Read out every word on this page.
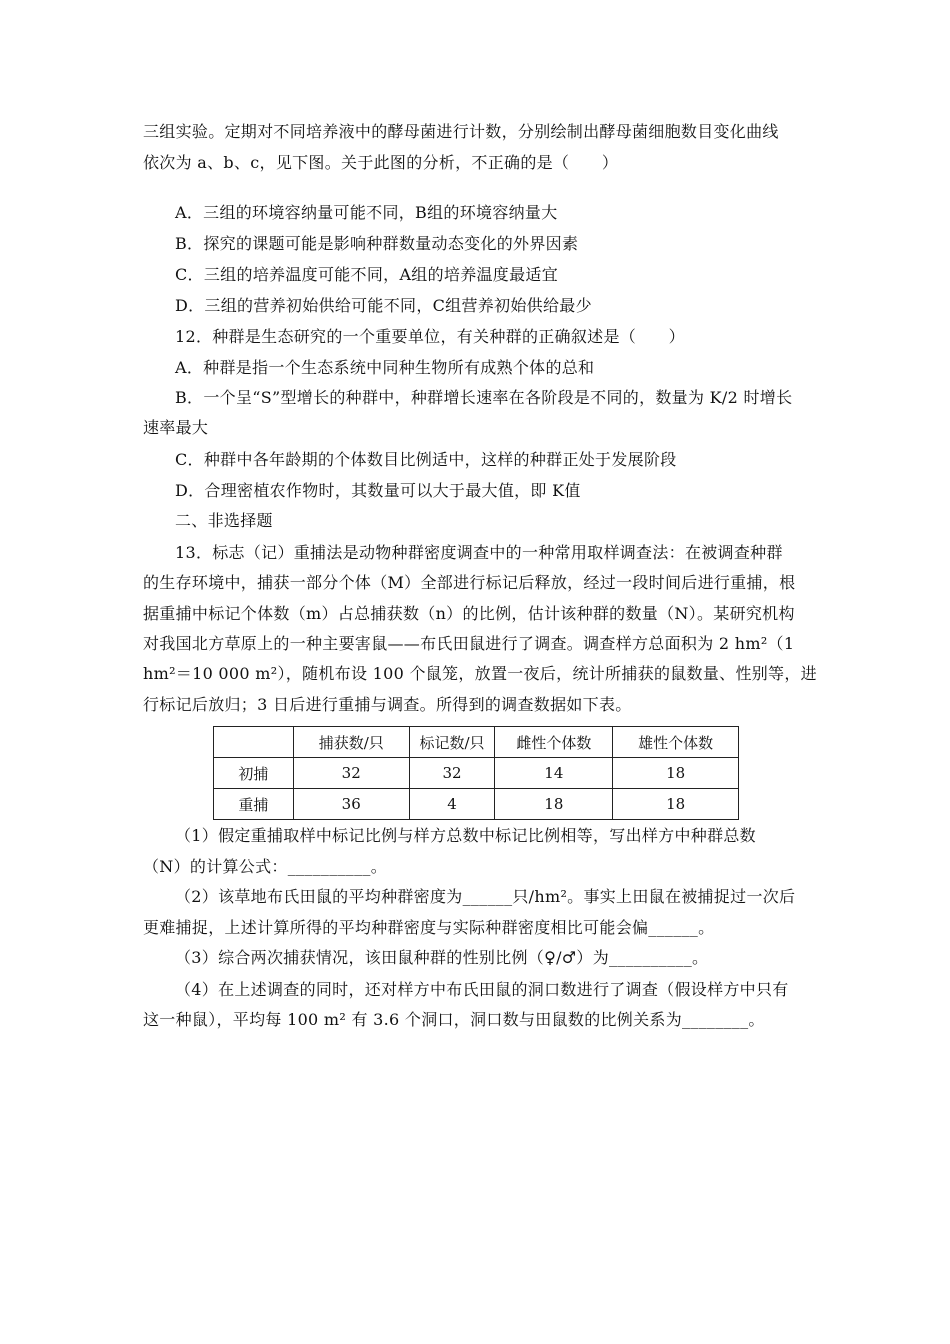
三组实验。定期对不同培养液中的酵母菌进行计数，分别绘制出酵母菌细胞数目变化曲线
依次为 a、b、c，见下图。关于此图的分析，不正确的是（　　）
A．三组的环境容纳量可能不同，B组的环境容纳量大
B．探究的课题可能是影响种群数量动态变化的外界因素
C．三组的培养温度可能不同，A组的培养温度最适宜
D．三组的营养初始供给可能不同，C组营养初始供给最少
12．种群是生态研究的一个重要单位，有关种群的正确叙述是（　　）
A．种群是指一个生态系统中同种生物所有成熟个体的总和
B．一个呈“S”型增长的种群中，种群增长速率在各阶段是不同的，数量为 K/2 时增长
速率最大
C．种群中各年龄期的个体数目比例适中，这样的种群正处于发展阶段
D．合理密植农作物时，其数量可以大于最大值，即 K值
二、非选择题
13．标志（记）重捕法是动物种群密度调查中的一种常用取样调查法：在被调查种群
的生存环境中，捕获一部分个体（M）全部进行标记后释放，经过一段时间后进行重捕，根
据重捕中标记个体数（m）占总捕获数（n）的比例，估计该种群的数量（N）。某研究机构
对我国北方草原上的一种主要害鼠——布氏田鼠进行了调查。调查样方总面积为 2 hm²（1
hm²＝10 000 m²），随机布设 100 个鼠笼，放置一夜后，统计所捕获的鼠数量、性别等，进
行标记后放归；3 日后进行重捕与调查。所得到的调查数据如下表。
	捕获数/只	标记数/只	雌性个体数	雄性个体数
初捕	32	32	14	18
重捕	36	4	18	18
（1）假定重捕取样中标记比例与样方总数中标记比例相等，写出样方中种群总数
（N）的计算公式：__________。
（2）该草地布氏田鼠的平均种群密度为______只/hm²。事实上田鼠在被捕捉过一次后
更难捕捉，上述计算所得的平均种群密度与实际种群密度相比可能会偏______。
（3）综合两次捕获情况，该田鼠种群的性别比例（♀/♂）为__________。
（4）在上述调查的同时，还对样方中布氏田鼠的洞口数进行了调查（假设样方中只有
这一种鼠），平均每 100 m² 有 3.6 个洞口，洞口数与田鼠数的比例关系为________。
